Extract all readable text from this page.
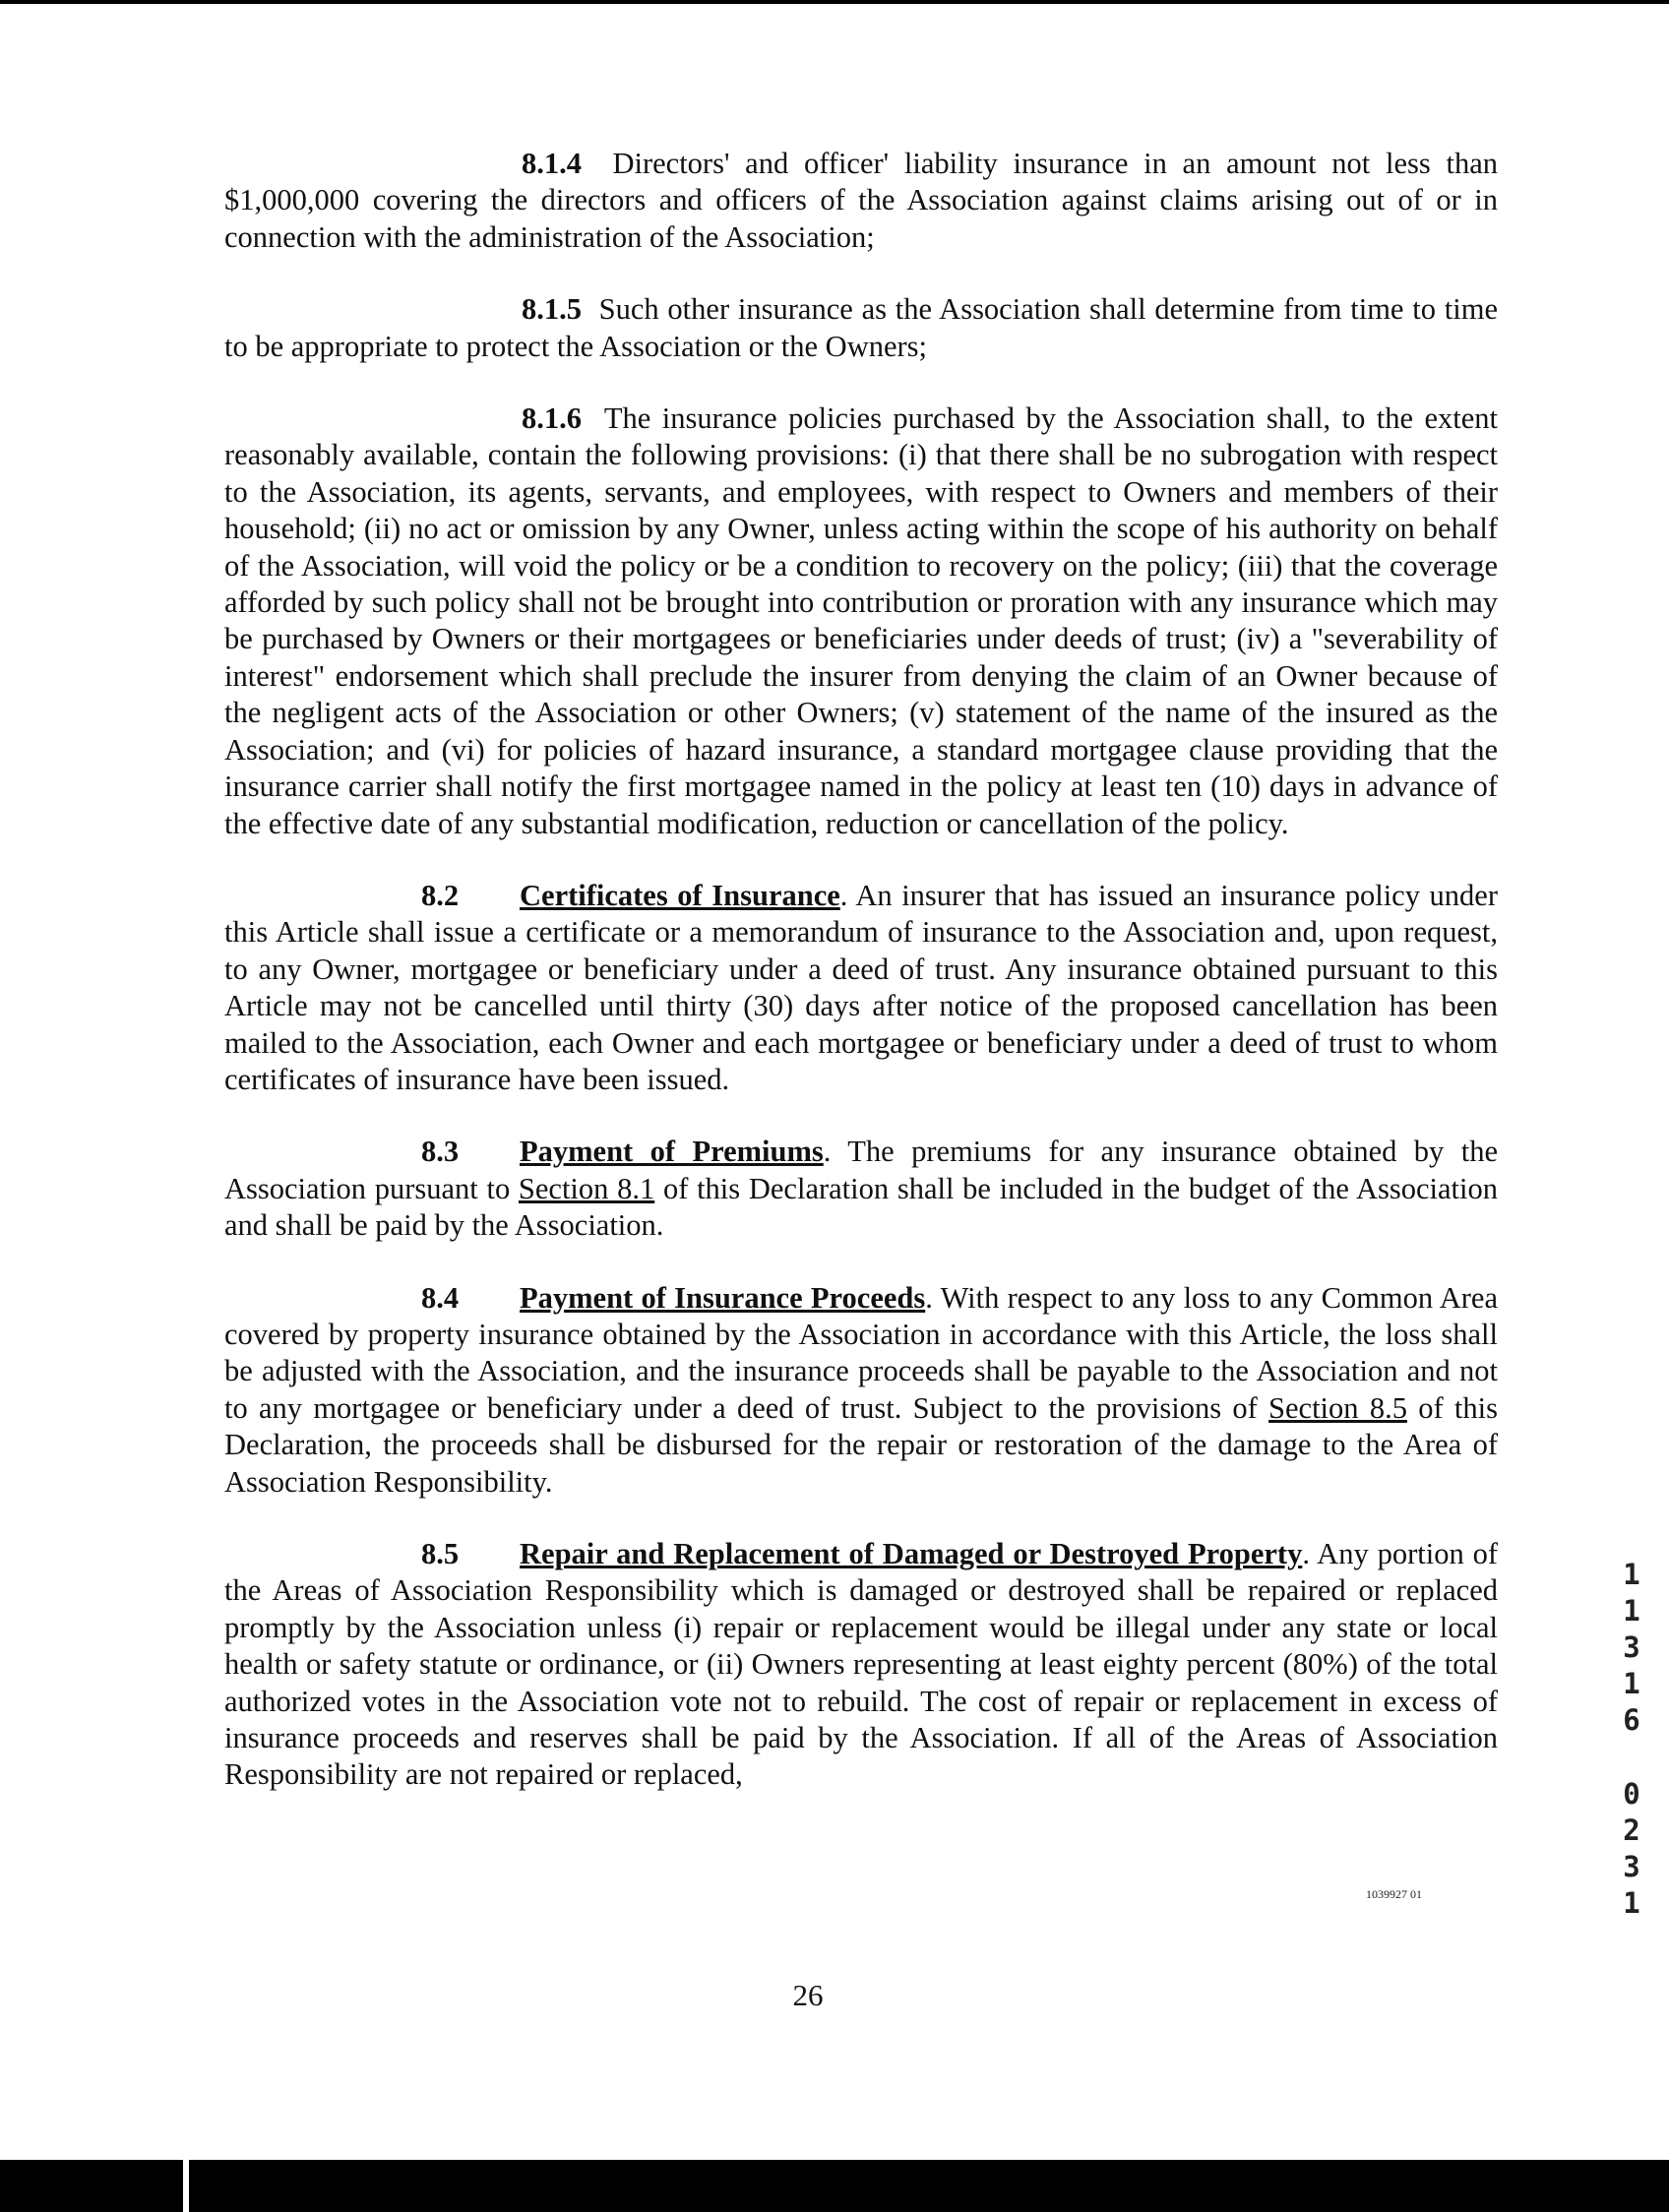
8.1.4 Directors' and officer' liability insurance in an amount not less than $1,000,000 covering the directors and officers of the Association against claims arising out of or in connection with the administration of the Association;

8.1.5 Such other insurance as the Association shall determine from time to time to be appropriate to protect the Association or the Owners;

8.1.6 The insurance policies purchased by the Association shall, to the extent reasonably available, contain the following provisions: (i) that there shall be no subrogation with respect to the Association, its agents, servants, and employees, with respect to Owners and members of their household; (ii) no act or omission by any Owner, unless acting within the scope of his authority on behalf of the Association, will void the policy or be a condition to recovery on the policy; (iii) that the coverage afforded by such policy shall not be brought into contribution or proration with any insurance which may be purchased by Owners or their mortgagees or beneficiaries under deeds of trust; (iv) a "severability of interest" endorsement which shall preclude the insurer from denying the claim of an Owner because of the negligent acts of the Association or other Owners; (v) statement of the name of the insured as the Association; and (vi) for policies of hazard insurance, a standard mortgagee clause providing that the insurance carrier shall notify the first mortgagee named in the policy at least ten (10) days in advance of the effective date of any substantial modification, reduction or cancellation of the policy.

8.2 Certificates of Insurance. An insurer that has issued an insurance policy under this Article shall issue a certificate or a memorandum of insurance to the Association and, upon request, to any Owner, mortgagee or beneficiary under a deed of trust. Any insurance obtained pursuant to this Article may not be cancelled until thirty (30) days after notice of the proposed cancellation has been mailed to the Association, each Owner and each mortgagee or beneficiary under a deed of trust to whom certificates of insurance have been issued.

8.3 Payment of Premiums. The premiums for any insurance obtained by the Association pursuant to Section 8.1 of this Declaration shall be included in the budget of the Association and shall be paid by the Association.

8.4 Payment of Insurance Proceeds. With respect to any loss to any Common Area covered by property insurance obtained by the Association in accordance with this Article, the loss shall be adjusted with the Association, and the insurance proceeds shall be payable to the Association and not to any mortgagee or beneficiary under a deed of trust. Subject to the provisions of Section 8.5 of this Declaration, the proceeds shall be disbursed for the repair or restoration of the damage to the Area of Association Responsibility.

8.5 Repair and Replacement of Damaged or Destroyed Property. Any portion of the Areas of Association Responsibility which is damaged or destroyed shall be repaired or replaced promptly by the Association unless (i) repair or replacement would be illegal under any state or local health or safety statute or ordinance, or (ii) Owners representing at least eighty percent (80%) of the total authorized votes in the Association vote not to rebuild. The cost of repair or replacement in excess of insurance proceeds and reserves shall be paid by the Association. If all of the Areas of Association Responsibility are not repaired or replaced,

1
1
3
1
6
0
2
3
1
1039927 01
26
